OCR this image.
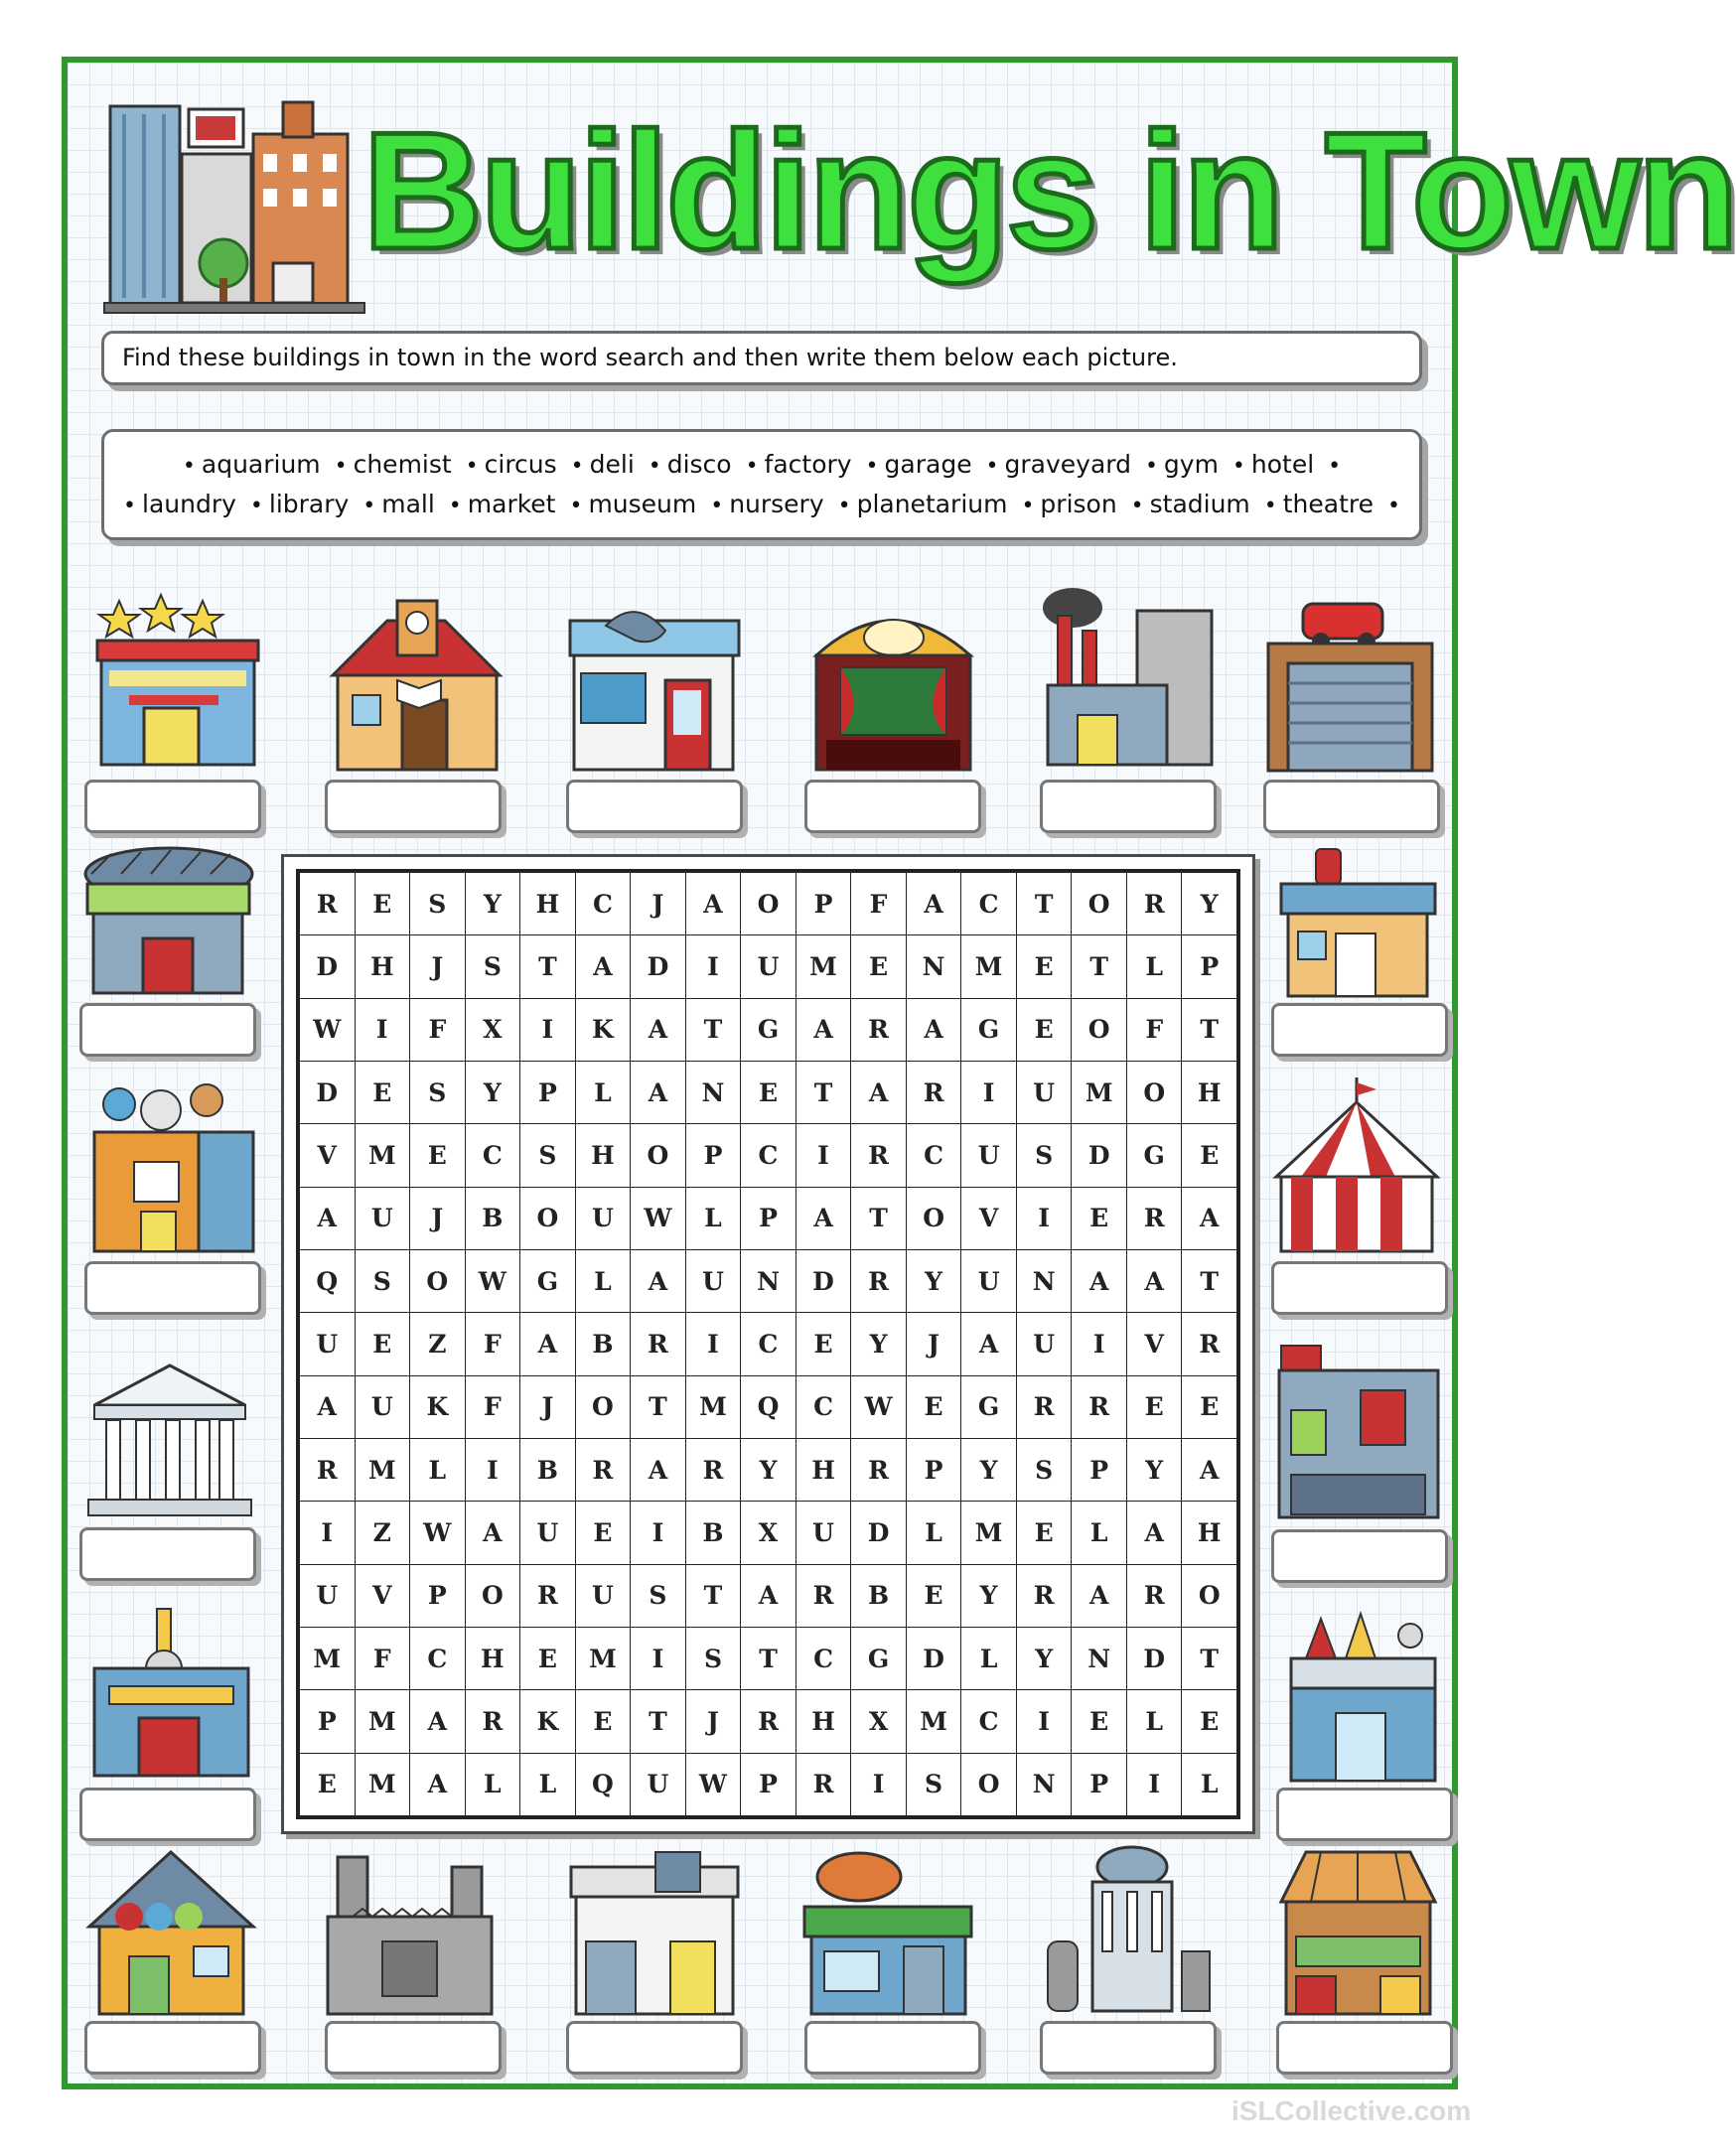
Buildings in Town
Find these buildings in town in the word search and then write them below each picture.
• aquarium • chemist • circus • deli • disco • factory • garage • graveyard • gym • hotel •
• laundry • library • mall • market • museum • nursery • planetarium • prison • stadium • theatre •
R	E	S	Y	H	C	J	A	O	P	F	A	C	T	O	R	Y
D	H	J	S	T	A	D	I	U	M	E	N	M	E	T	L	P
W	I	F	X	I	K	A	T	G	A	R	A	G	E	O	F	T
D	E	S	Y	P	L	A	N	E	T	A	R	I	U	M	O	H
V	M	E	C	S	H	O	P	C	I	R	C	U	S	D	G	E
A	U	J	B	O	U	W	L	P	A	T	O	V	I	E	R	A
Q	S	O	W	G	L	A	U	N	D	R	Y	U	N	A	A	T
U	E	Z	F	A	B	R	I	C	E	Y	J	A	U	I	V	R
A	U	K	F	J	O	T	M	Q	C	W	E	G	R	R	E	E
R	M	L	I	B	R	A	R	Y	H	R	P	Y	S	P	Y	A
I	Z	W	A	U	E	I	B	X	U	D	L	M	E	L	A	H
U	V	P	O	R	U	S	T	A	R	B	E	Y	R	A	R	O
M	F	C	H	E	M	I	S	T	C	G	D	L	Y	N	D	T
P	M	A	R	K	E	T	J	R	H	X	M	C	I	E	L	E
E	M	A	L	L	Q	U	W	P	R	I	S	O	N	P	I	L
iSLCollective.com
